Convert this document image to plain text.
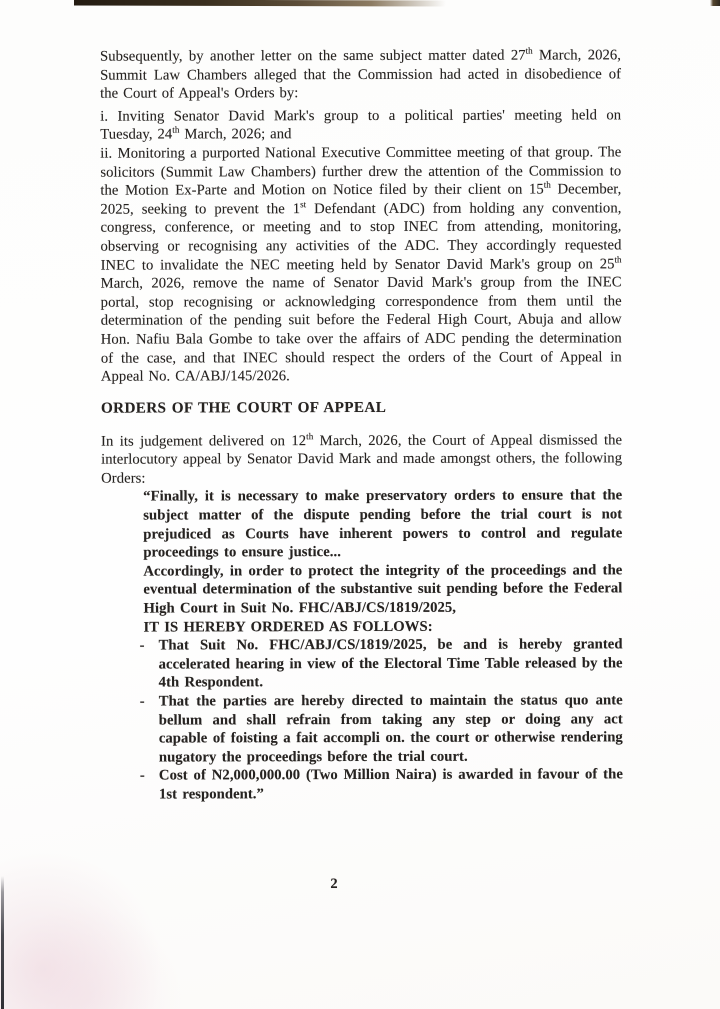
Subsequently, by another letter on the same subject matter dated 27th March, 2026, Summit Law Chambers alleged that the Commission had acted in disobedience of the Court of Appeal's Orders by:

i. Inviting Senator David Mark's group to a political parties' meeting held on Tuesday, 24th March, 2026; and

ii. Monitoring a purported National Executive Committee meeting of that group. The solicitors (Summit Law Chambers) further drew the attention of the Commission to the Motion Ex-Parte and Motion on Notice filed by their client on 15th December, 2025, seeking to prevent the 1st Defendant (ADC) from holding any convention, congress, conference, or meeting and to stop INEC from attending, monitoring, observing or recognising any activities of the ADC. They accordingly requested INEC to invalidate the NEC meeting held by Senator David Mark's group on 25th March, 2026, remove the name of Senator David Mark's group from the INEC portal, stop recognising or acknowledging correspondence from them until the determination of the pending suit before the Federal High Court, Abuja and allow Hon. Nafiu Bala Gombe to take over the affairs of ADC pending the determination of the case, and that INEC should respect the orders of the Court of Appeal in Appeal No. CA/ABJ/145/2026.

ORDERS OF THE COURT OF APPEAL

In its judgement delivered on 12th March, 2026, the Court of Appeal dismissed the interlocutory appeal by Senator David Mark and made amongst others, the following Orders:

“Finally, it is necessary to make preservatory orders to ensure that the subject matter of the dispute pending before the trial court is not prejudiced as Courts have inherent powers to control and regulate proceedings to ensure justice...

Accordingly, in order to protect the integrity of the proceedings and the eventual determination of the substantive suit pending before the Federal High Court in Suit No. FHC/ABJ/CS/1819/2025,

IT IS HEREBY ORDERED AS FOLLOWS:

- That Suit No. FHC/ABJ/CS/1819/2025, be and is hereby granted accelerated hearing in view of the Electoral Time Table released by the 4th Respondent.
- That the parties are hereby directed to maintain the status quo ante bellum and shall refrain from taking any step or doing any act capable of foisting a fait accompli on. the court or otherwise rendering nugatory the proceedings before the trial court.
- Cost of N2,000,000.00 (Two Million Naira) is awarded in favour of the 1st respondent.”
2
